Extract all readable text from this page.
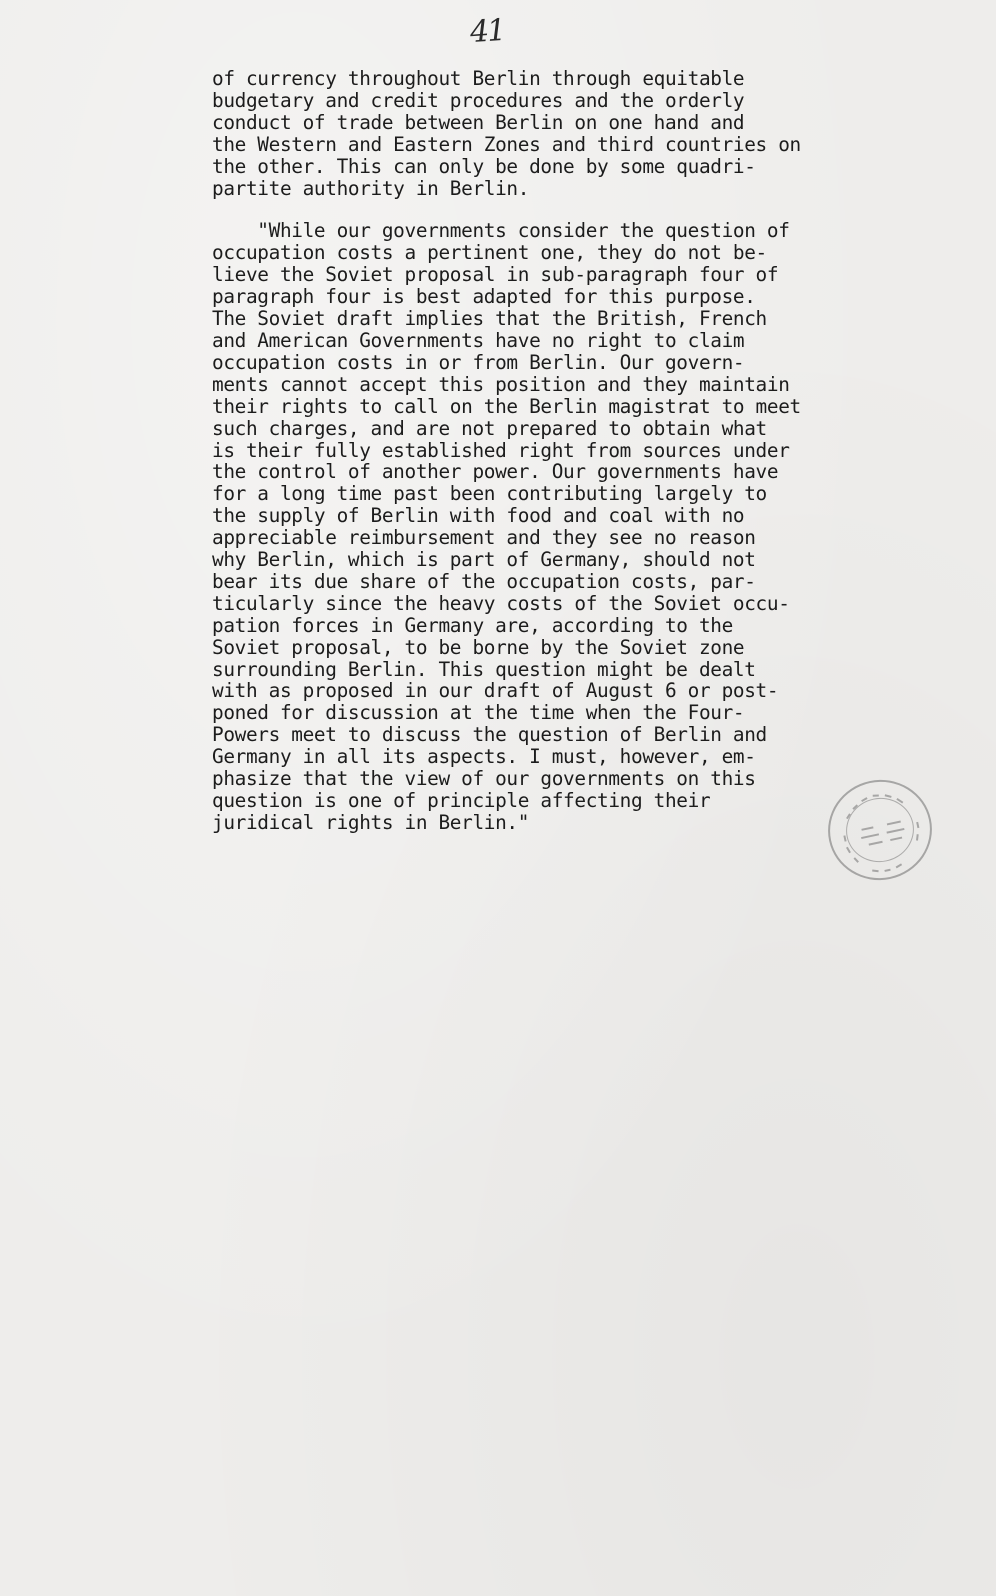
41
of currency throughout Berlin through equitable
budgetary and credit procedures and the orderly
conduct of trade between Berlin on one hand and
the Western and Eastern Zones and third countries on
the other. This can only be done by some quadri-
partite authority in Berlin.
"While our governments consider the question of
occupation costs a pertinent one, they do not be-
lieve the Soviet proposal in sub-paragraph four of
paragraph four is best adapted for this purpose.
The Soviet draft implies that the British, French
and American Governments have no right to claim
occupation costs in or from Berlin. Our govern-
ments cannot accept this position and they maintain
their rights to call on the Berlin magistrat to meet
such charges, and are not prepared to obtain what
is their fully established right from sources under
the control of another power. Our governments have
for a long time past been contributing largely to
the supply of Berlin with food and coal with no
appreciable reimbursement and they see no reason
why Berlin, which is part of Germany, should not
bear its due share of the occupation costs, par-
ticularly since the heavy costs of the Soviet occu-
pation forces in Germany are, according to the
Soviet proposal, to be borne by the Soviet zone
surrounding Berlin. This question might be dealt
with as proposed in our draft of August 6 or post-
poned for discussion at the time when the Four-
Powers meet to discuss the question of Berlin and
Germany in all its aspects. I must, however, em-
phasize that the view of our governments on this
question is one of principle affecting their
juridical rights in Berlin."
